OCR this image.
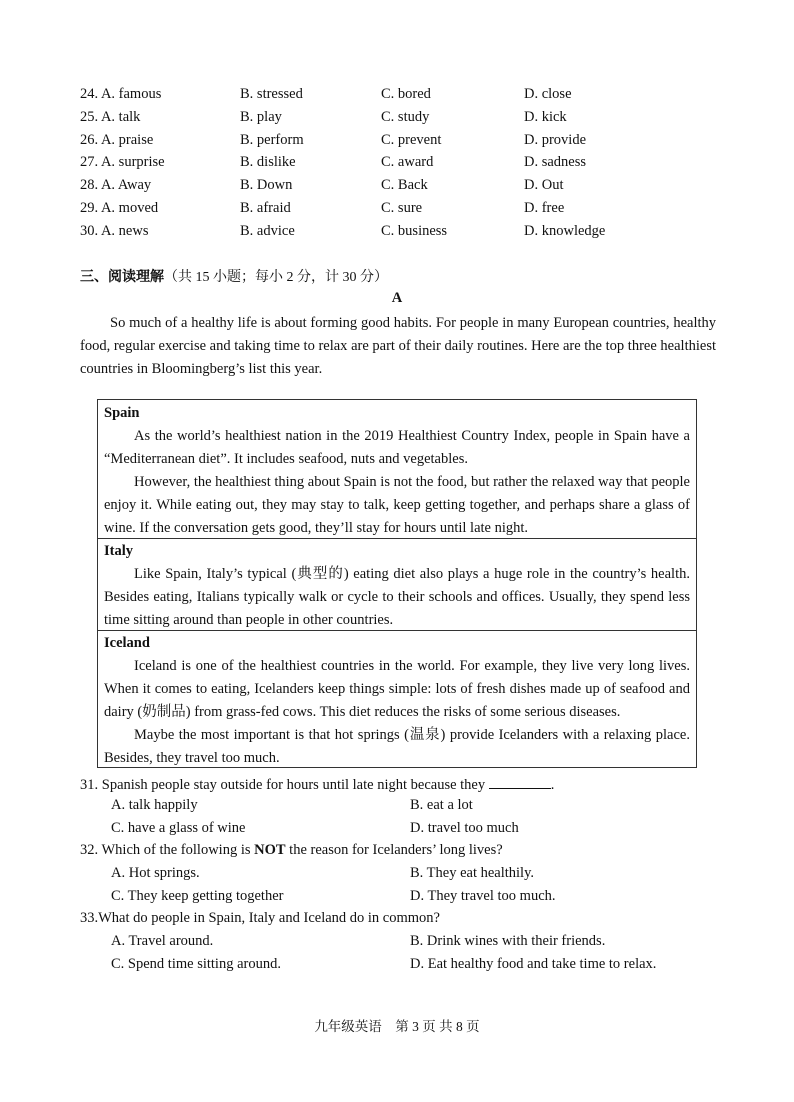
24. A. famous	B. stressed	C. bored	D. close
25. A. talk	B. play	C. study	D. kick
26. A. praise	B. perform	C. prevent	D. provide
27. A. surprise	B. dislike	C. award	D. sadness
28. A. Away	B. Down	C. Back	D. Out
29. A. moved	B. afraid	C. sure	D. free
30. A. news	B. advice	C. business	D. knowledge
三、阅读理解（共 15 小题；每小 2 分，计 30 分）
A
So much of a healthy life is about forming good habits. For people in many European countries, healthy food, regular exercise and taking time to relax are part of their daily routines. Here are the top three healthiest countries in Bloomingberg’s list this year.
Spain

As the world’s healthiest nation in the 2019 Healthiest Country Index, people in Spain have a “Mediterranean diet”. It includes seafood, nuts and vegetables.

However, the healthiest thing about Spain is not the food, but rather the relaxed way that people enjoy it. While eating out, they may stay to talk, keep getting together, and perhaps share a glass of wine. If the conversation gets good, they’ll stay for hours until late night.

Italy

Like Spain, Italy’s typical (典型的) eating diet also plays a huge role in the country’s health. Besides eating, Italians typically walk or cycle to their schools and offices. Usually, they spend less time sitting around than people in other countries.

Iceland

Iceland is one of the healthiest countries in the world. For example, they live very long lives. When it comes to eating, Icelanders keep things simple: lots of fresh dishes made up of seafood and dairy (奶制品) from grass-fed cows. This diet reduces the risks of some serious diseases.

Maybe the most important is that hot springs (温泉) provide Icelanders with a relaxing place. Besides, they travel too much.

31. Spanish people stay outside for hours until late night because they	.
A. talk happily	B. eat a lot
C. have a glass of wine	D. travel too much
32. Which of the following is NOT the reason for Icelanders’ long lives?
A. Hot springs.	B. They eat healthily.
C. They keep getting together	D. They travel too much.
33.What do people in Spain, Italy and Iceland do in common?
A. Travel around.	B. Drink wines with their friends.
C. Spend time sitting around.	D. Eat healthy food and take time to relax.
九年级英语　第 3 页 共 8 页
